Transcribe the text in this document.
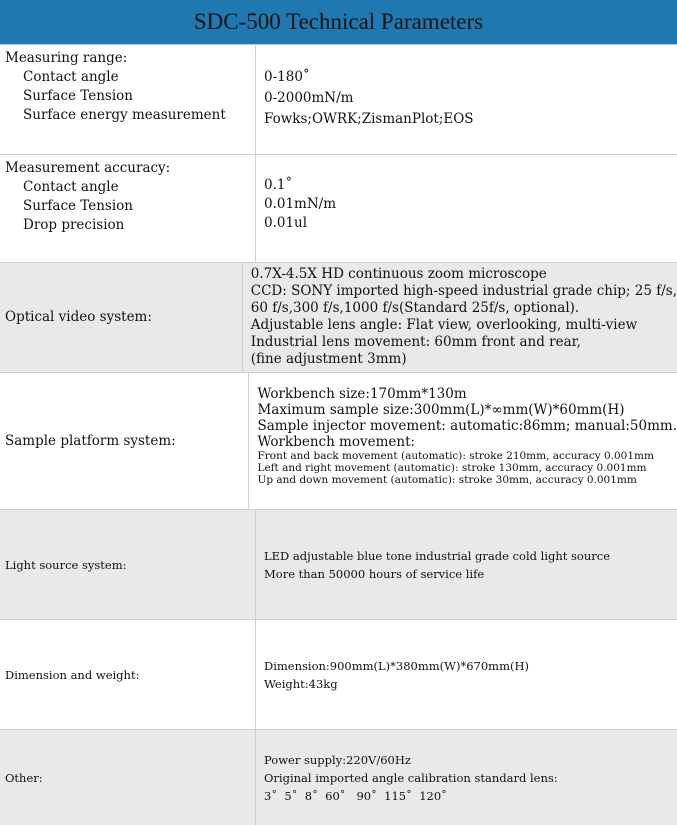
SDC-500 Technical Parameters
Measuring range:
Contact angle
Surface Tension
Surface energy measurement
0-180˚
0-2000mN/m
Fowks;OWRK;ZismanPlot;EOS
Measurement accuracy:
Contact angle
Surface Tension
Drop precision
0.1˚
0.01mN/m
0.01ul
Optical video system:
0.7X-4.5X HD continuous zoom microscope
CCD: SONY imported high-speed industrial grade chip; 25 f/s,
60 f/s,300 f/s,1000 f/s(Standard 25f/s, optional).
Adjustable lens angle: Flat view, overlooking, multi-view
Industrial lens movement: 60mm front and rear,
(fine adjustment 3mm)
Sample platform system:
Workbench size:170mm*130m
Maximum sample size:300mm(L)*∞mm(W)*60mm(H)
Sample injector movement: automatic:86mm; manual:50mm.
Workbench movement:
Front and back movement (automatic): stroke 210mm, accuracy 0.001mm
Left and right movement (automatic): stroke 130mm, accuracy 0.001mm
Up and down movement (automatic): stroke 30mm, accuracy 0.001mm
Light source system:
LED adjustable blue tone industrial grade cold light source
More than 50000 hours of service life
Dimension and weight:
Dimension:900mm(L)*380mm(W)*670mm(H)
Weight:43kg
Other:
Power supply:220V/60Hz
Original imported angle calibration standard lens:
3˚  5˚  8˚  60˚   90˚  115˚  120˚
